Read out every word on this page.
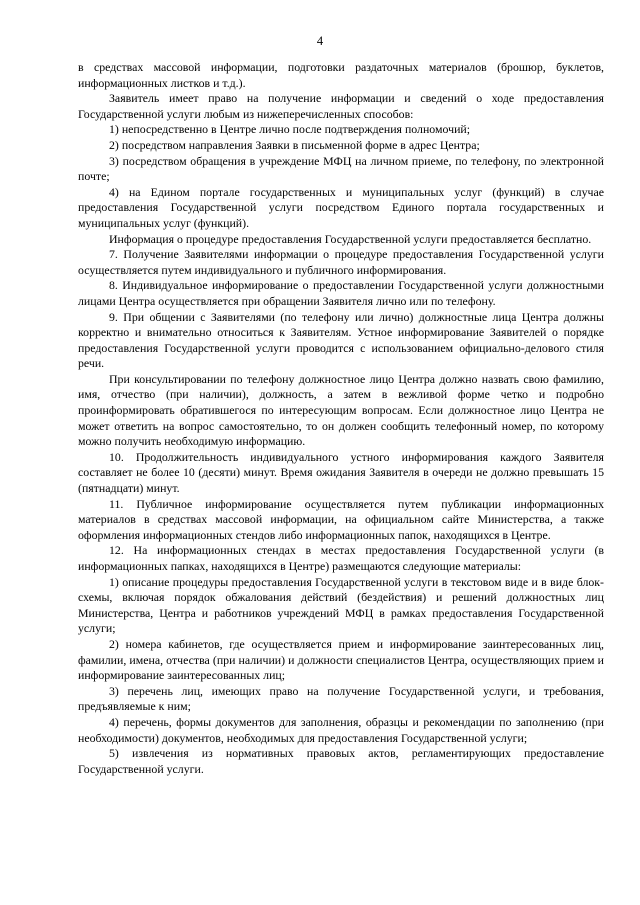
4

в средствах массовой информации, подготовки раздаточных материалов (брошюр, буклетов, информационных листков и т.д.).

Заявитель имеет право на получение информации и сведений о ходе предоставления Государственной услуги любым из нижеперечисленных способов:

1) непосредственно в Центре лично после подтверждения полномочий;

2) посредством направления Заявки в письменной форме в адрес Центра;

3) посредством обращения в учреждение МФЦ на личном приеме, по телефону, по электронной почте;

4) на Едином портале государственных и муниципальных услуг (функций) в случае предоставления Государственной услуги посредством Единого портала государственных и муниципальных услуг (функций).

Информация о процедуре предоставления Государственной услуги предоставляется бесплатно.

7. Получение Заявителями информации о процедуре предоставления Государственной услуги осуществляется путем индивидуального и публичного информирования.

8. Индивидуальное информирование о предоставлении Государственной услуги должностными лицами Центра осуществляется при обращении Заявителя лично или по телефону.

9. При общении с Заявителями (по телефону или лично) должностные лица Центра должны корректно и внимательно относиться к Заявителям. Устное информирование Заявителей о порядке предоставления Государственной услуги проводится с использованием официально-делового стиля речи.

При консультировании по телефону должностное лицо Центра должно назвать свою фамилию, имя, отчество (при наличии), должность, а затем в вежливой форме четко и подробно проинформировать обратившегося по интересующим вопросам. Если должностное лицо Центра не может ответить на вопрос самостоятельно, то он должен сообщить телефонный номер, по которому можно получить необходимую информацию.

10. Продолжительность индивидуального устного информирования каждого Заявителя составляет не более 10 (десяти) минут. Время ожидания Заявителя в очереди не должно превышать 15 (пятнадцати) минут.

11. Публичное информирование осуществляется путем публикации информационных материалов в средствах массовой информации, на официальном сайте Министерства, а также оформления информационных стендов либо информационных папок, находящихся в Центре.

12. На информационных стендах в местах предоставления Государственной услуги (в информационных папках, находящихся в Центре) размещаются следующие материалы:

1) описание процедуры предоставления Государственной услуги в текстовом виде и в виде блок-схемы, включая порядок обжалования действий (бездействия) и решений должностных лиц Министерства, Центра и работников учреждений МФЦ в рамках предоставления Государственной услуги;

2) номера кабинетов, где осуществляется прием и информирование заинтересованных лиц, фамилии, имена, отчества (при наличии) и должности специалистов Центра, осуществляющих прием и информирование заинтересованных лиц;

3) перечень лиц, имеющих право на получение Государственной услуги, и требования, предъявляемые к ним;

4) перечень, формы документов для заполнения, образцы и рекомендации по заполнению (при необходимости) документов, необходимых для предоставления Государственной услуги;

5) извлечения из нормативных правовых актов, регламентирующих предоставление Государственной услуги.
